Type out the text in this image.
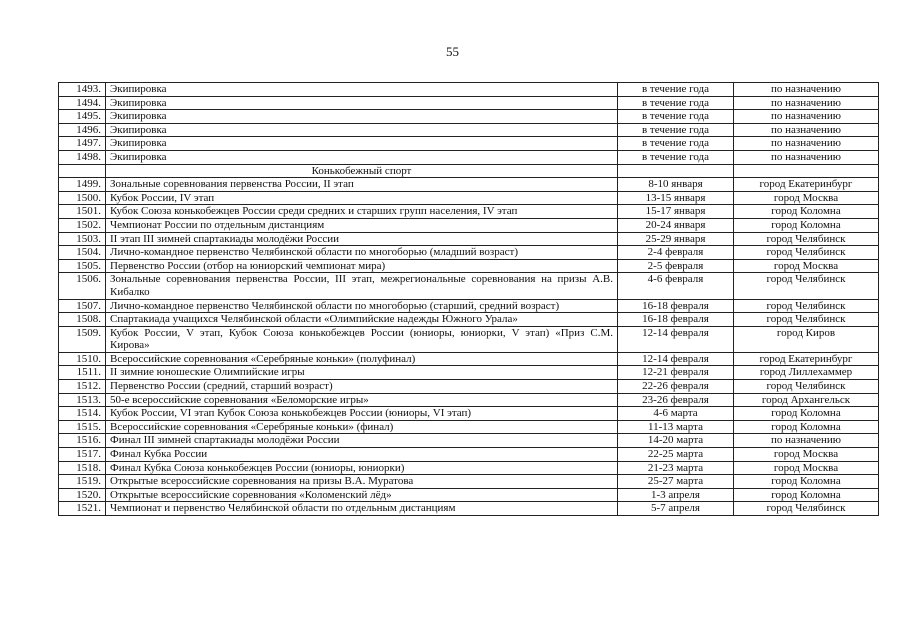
55
1493.	Экипировка	в течение года	по назначению
1494.	Экипировка	в течение года	по назначению
1495.	Экипировка	в течение года	по назначению
1496.	Экипировка	в течение года	по назначению
1497.	Экипировка	в течение года	по назначению
1498.	Экипировка	в течение года	по назначению
	Конькобежный спорт		
1499.	Зональные соревнования первенства России, II этап	8-10 января	город Екатеринбург
1500.	Кубок России, IV этап	13-15 января	город Москва
1501.	Кубок Союза конькобежцев России среди средних и старших групп населения, IV этап	15-17 января	город Коломна
1502.	Чемпионат России по отдельным дистанциям	20-24 января	город Коломна
1503.	II этап III зимней спартакиады молодёжи России	25-29 января	город Челябинск
1504.	Лично-командное первенство Челябинской области по многоборью (младший возраст)	2-4 февраля	город Челябинск
1505.	Первенство России (отбор на юниорский чемпионат мира)	2-5 февраля	город Москва
1506.	Зональные соревнования первенства России, III этап, межрегиональные соревнования на призы А.В. Кибалко	4-6 февраля	город Челябинск
1507.	Лично-командное первенство Челябинской области по многоборью (старший, средний возраст)	16-18 февраля	город Челябинск
1508.	Спартакиада учащихся Челябинской области «Олимпийские надежды Южного Урала»	16-18 февраля	город Челябинск
1509.	Кубок России, V этап, Кубок Союза конькобежцев России (юниоры, юниорки, V этап) «Приз С.М. Кирова»	12-14 февраля	город Киров
1510.	Всероссийские соревнования «Серебряные коньки» (полуфинал)	12-14 февраля	город Екатеринбург
1511.	II зимние юношеские Олимпийские игры	12-21 февраля	город Лиллехаммер
1512.	Первенство России (средний, старший возраст)	22-26 февраля	город Челябинск
1513.	50-е всероссийские соревнования «Беломорские игры»	23-26 февраля	город Архангельск
1514.	Кубок России, VI этап Кубок Союза конькобежцев России (юниоры, VI этап)	4-6 марта	город Коломна
1515.	Всероссийские соревнования «Серебряные коньки» (финал)	11-13 марта	город Коломна
1516.	Финал III зимней спартакиады молодёжи России	14-20 марта	по назначению
1517.	Финал Кубка России	22-25 марта	город Москва
1518.	Финал Кубка Союза конькобежцев России (юниоры, юниорки)	21-23 марта	город Москва
1519.	Открытые всероссийские соревнования на призы В.А. Муратова	25-27 марта	город Коломна
1520.	Открытые всероссийские соревнования «Коломенский лёд»	1-3 апреля	город Коломна
1521.	Чемпионат и первенство Челябинской области по отдельным дистанциям	5-7 апреля	город Челябинск
